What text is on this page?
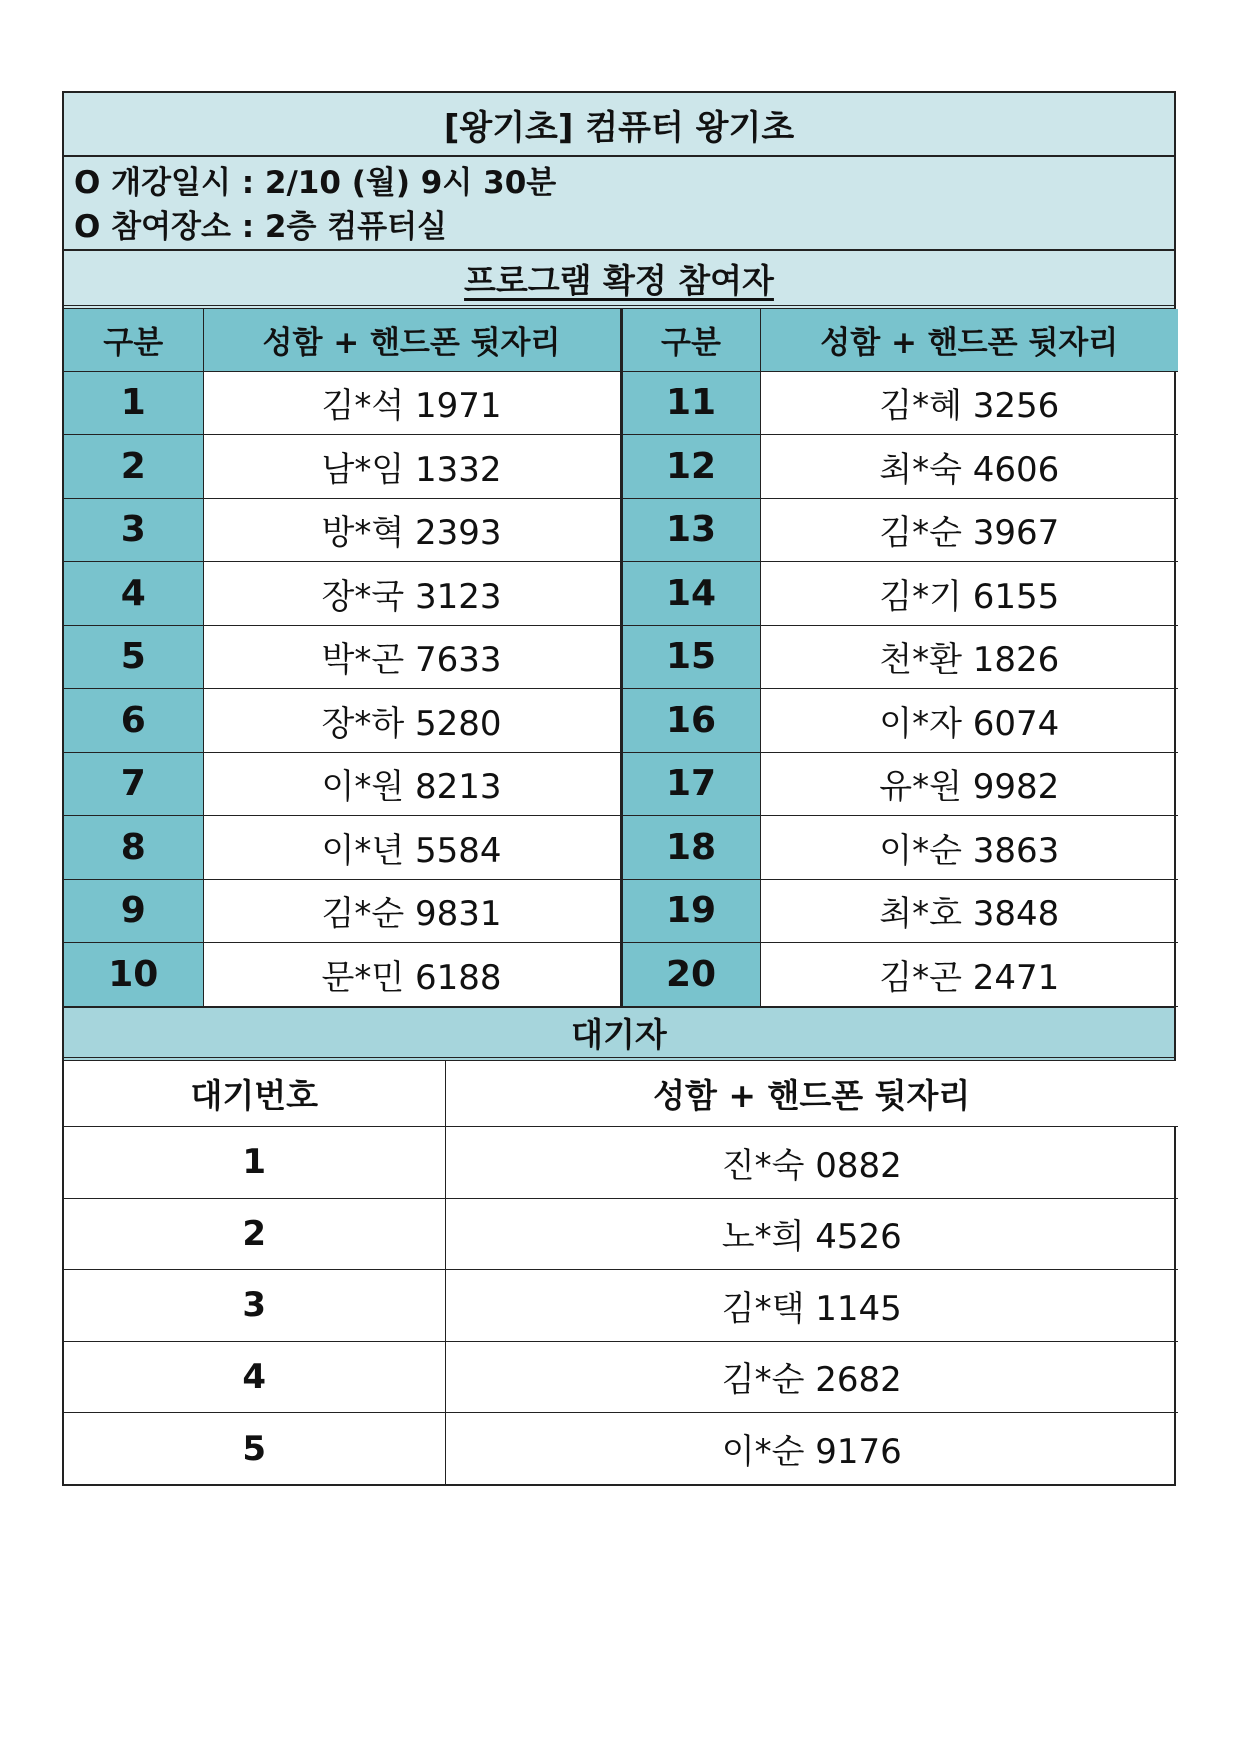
[왕기초] 컴퓨터 왕기초
O 개강일시 : 2/10 (월) 9시 30분
O 참여장소 : 2층 컴퓨터실
프로그램 확정 참여자
구분	성함 + 핸드폰 뒷자리	구분	성함 + 핸드폰 뒷자리
1	김*석 1971	11	김*혜 3256
2	남*임 1332	12	최*숙 4606
3	방*혁 2393	13	김*순 3967
4	장*국 3123	14	김*기 6155
5	박*곤 7633	15	천*환 1826
6	장*하 5280	16	이*자 6074
7	이*원 8213	17	유*원 9982
8	이*년 5584	18	이*순 3863
9	김*순 9831	19	최*호 3848
10	문*민 6188	20	김*곤 2471
대기자
대기번호	성함 + 핸드폰 뒷자리
1	진*숙 0882
2	노*희 4526
3	김*택 1145
4	김*순 2682
5	이*순 9176
